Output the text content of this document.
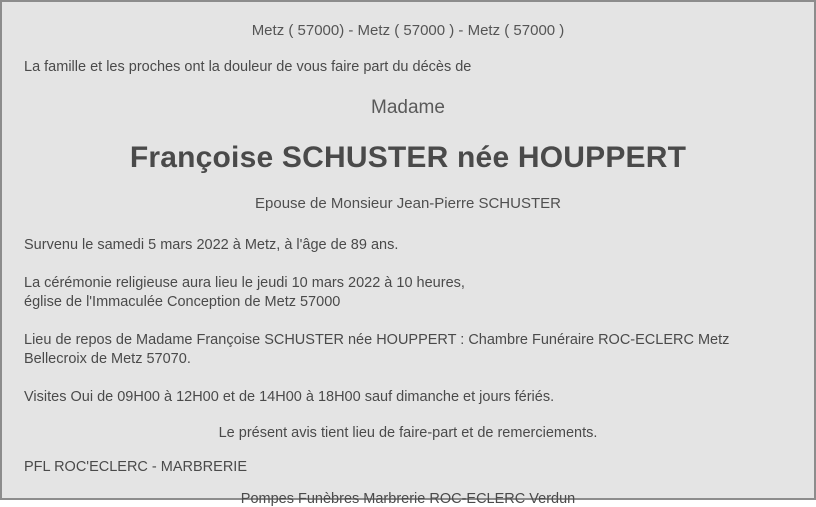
Metz ( 57000) - Metz ( 57000 ) - Metz ( 57000 )
La famille et les proches ont la douleur de vous faire part du décès de
Madame
Françoise SCHUSTER née HOUPPERT
Epouse de Monsieur Jean-Pierre SCHUSTER
Survenu le samedi 5 mars 2022 à Metz, à l'âge de 89 ans.
La cérémonie religieuse aura lieu le jeudi 10 mars 2022 à 10 heures,
église de l'Immaculée Conception de Metz 57000
Lieu de repos de Madame Françoise SCHUSTER née HOUPPERT : Chambre Funéraire ROC-ECLERC Metz
Bellecroix de Metz 57070.
Visites Oui de 09H00 à 12H00 et de 14H00 à 18H00 sauf dimanche et jours fériés.
Le présent avis tient lieu de faire-part et de remerciements.
PFL ROC'ECLERC - MARBRERIE
Pompes Funèbres Marbrerie ROC-ECLERC Verdun
